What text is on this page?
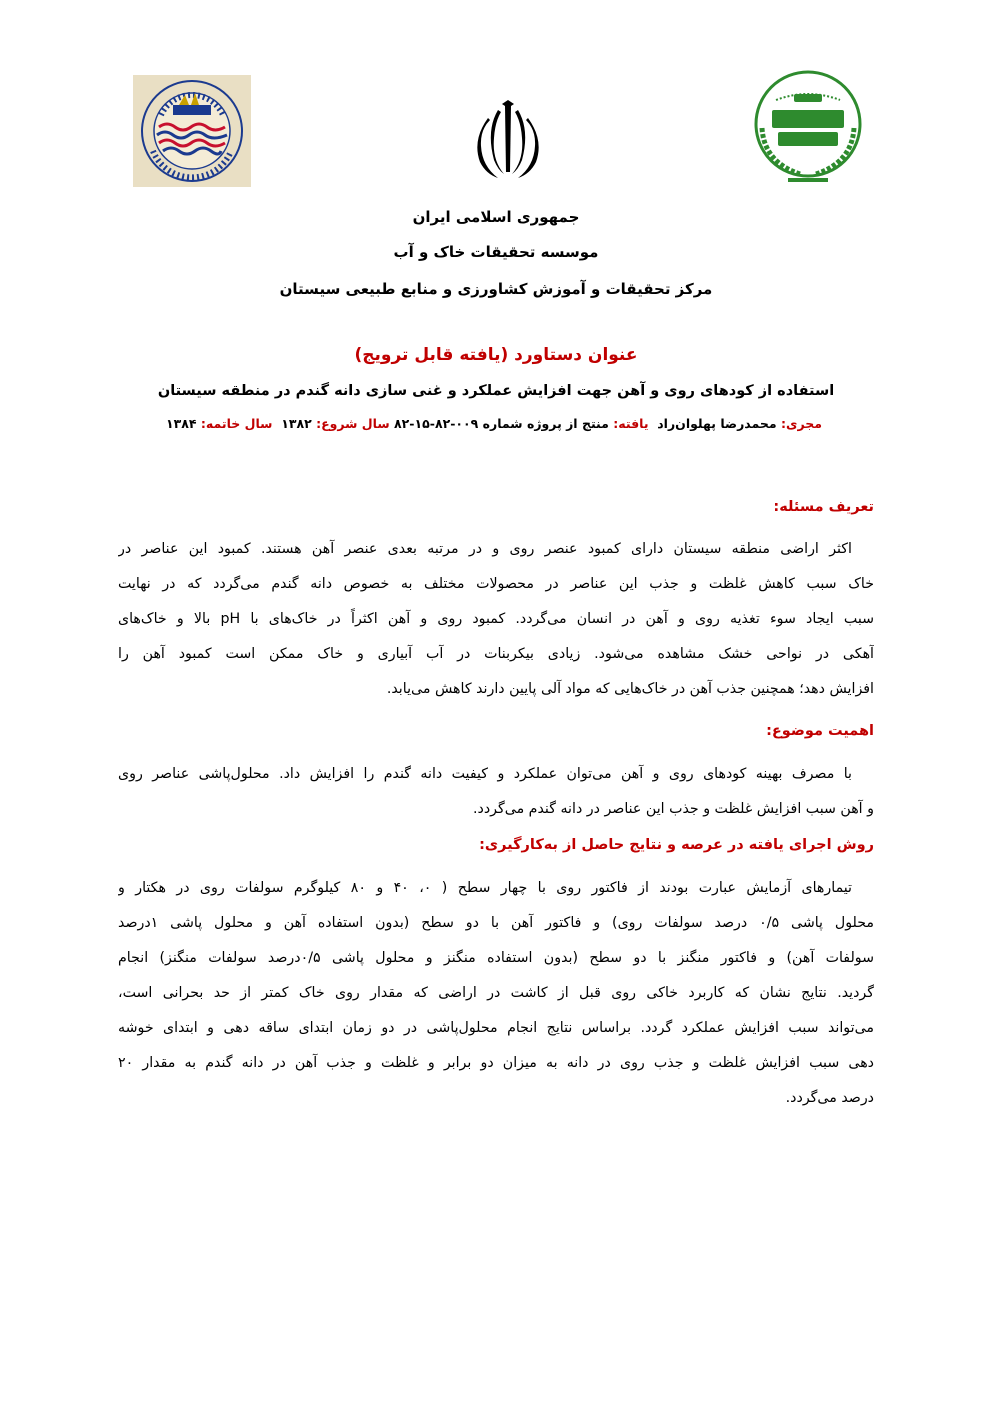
جمهوری اسلامی ایران
موسسه تحقیقات خاک و آب
مرکز تحقیقات و آموزش کشاورزی و منابع طبیعی سیستان
عنوان دستاورد (یافته قابل ترویج)
استفاده از کودهای روی و آهن جهت افزایش عملکرد و غنی سازی دانه گندم در منطقه سیستان
مجری: محمدرضا پهلوان‌راد  یافته: منتج از پروژه شماره ۰۰۹-۸۲-۱۵-۸۲ سال شروع: ۱۳۸۲  سال خاتمه: ۱۳۸۴
تعریف مسئله:
اکثر اراضی منطقه سیستان دارای کمبود عنصر روی و در مرتبه بعدی عنصر آهن هستند. کمبود این عناصر در
خاک سبب کاهش غلظت و جذب این عناصر در محصولات مختلف به خصوص دانه گندم می‌گردد که در نهایت
سبب ایجاد سوء تغذیه روی و آهن در انسان می‌گردد. کمبود روی و آهن اکثراً در خاک‌های با pH بالا و خاک‌های
آهکی در نواحی خشک مشاهده می‌شود. زیادی بیکربنات در آب آبیاری و خاک ممکن است کمبود آهن را
افزایش دهد؛ همچنین جذب آهن در خاک‌هایی که مواد آلی پایین دارند کاهش می‌یابد.
اهمیت موضوع:
با مصرف بهینه کودهای روی و آهن می‌توان عملکرد و کیفیت دانه گندم را افزایش داد. محلول‌پاشی عناصر روی
و آهن سبب افزایش غلظت و جذب این عناصر در دانه گندم می‌گردد.
روش اجرای یافته در عرصه و نتایج حاصل از به‌کارگیری:
تیمارهای آزمایش عبارت بودند از فاکتور روی با چهار سطح ( ۰، ۴۰ و ۸۰ کیلوگرم سولفات روی در هکتار و
محلول پاشی ۰/۵ درصد سولفات روی) و فاکتور آهن با دو سطح (بدون استفاده آهن و محلول پاشی ۱درصد
سولفات آهن) و فاکتور منگنز با دو سطح (بدون استفاده منگنز و محلول پاشی ۰/۵درصد سولفات منگنز) انجام
گردید. نتایج نشان که کاربرد خاکی روی قبل از کاشت در اراضی که مقدار روی خاک کمتر از حد بحرانی است،
می‌تواند سبب افزایش عملکرد گردد. براساس نتایج انجام محلول‌پاشی در دو زمان ابتدای ساقه دهی و ابتدای خوشه
دهی سبب افزایش غلظت و جذب روی در دانه به میزان دو برابر و غلظت و جذب آهن در دانه گندم به مقدار ۲۰
درصد می‌گردد.
